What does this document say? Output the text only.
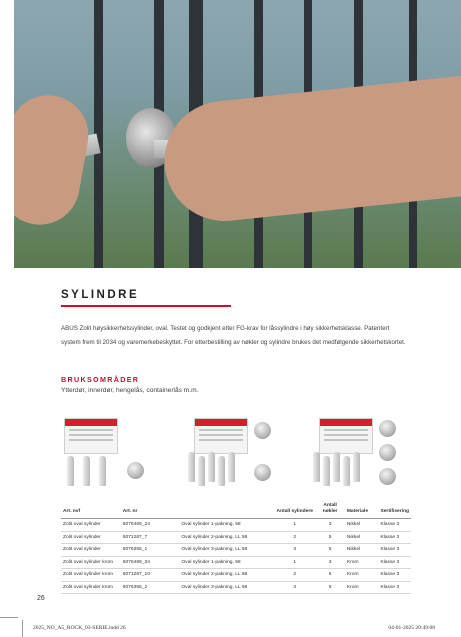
SYLINDRE

ABUS Zolit høysikkerhetssylinder, oval. Testet og godkjent etter FG-krav for låssylindre i høy sikkerhetsklasse. Patentert system frem til 2034 og varemerkebeskyttet. For etterbestilling av nøkler og sylindre brukes det medfølgende sikkerhetskortet.

BRUKSOMRÅDER

Ytterdør, innerdør, hengelås, containerlås m.m.

Art. nvf	Art. nr		Antall sylindere	Antall nøkler	Materiale	Sertifisering
Zolit oval sylinder	5076469_24	Oval sylinder 1-pakning, 58	1	3	Nikkel	Klasse 3
Zolit oval sylinder	5071287_7	Oval sylinder 2-pakning, LL 58	2	5	Nikkel	Klasse 3
Zolit oval sylinder	5076355_1	Oval sylinder 3-pakning, LL 58	3	5	Nikkel	Klasse 3
Zolit oval sylinder krom	5076469_34	Oval sylinder 1-pakning, 58	1	3	Krom	Klasse 3
Zolit oval sylinder krom	5071287_10	Oval sylinder 2-pakning, LL 58	2	5	Krom	Klasse 3
Zolit oval sylinder krom	5076355_2	Oval sylinder 3-pakning, LL 58	3	5	Krom	Klasse 3

26

2025_NO_A5_ROCK_03-SERIE.indd 26	04-01-2025 20:49:08
